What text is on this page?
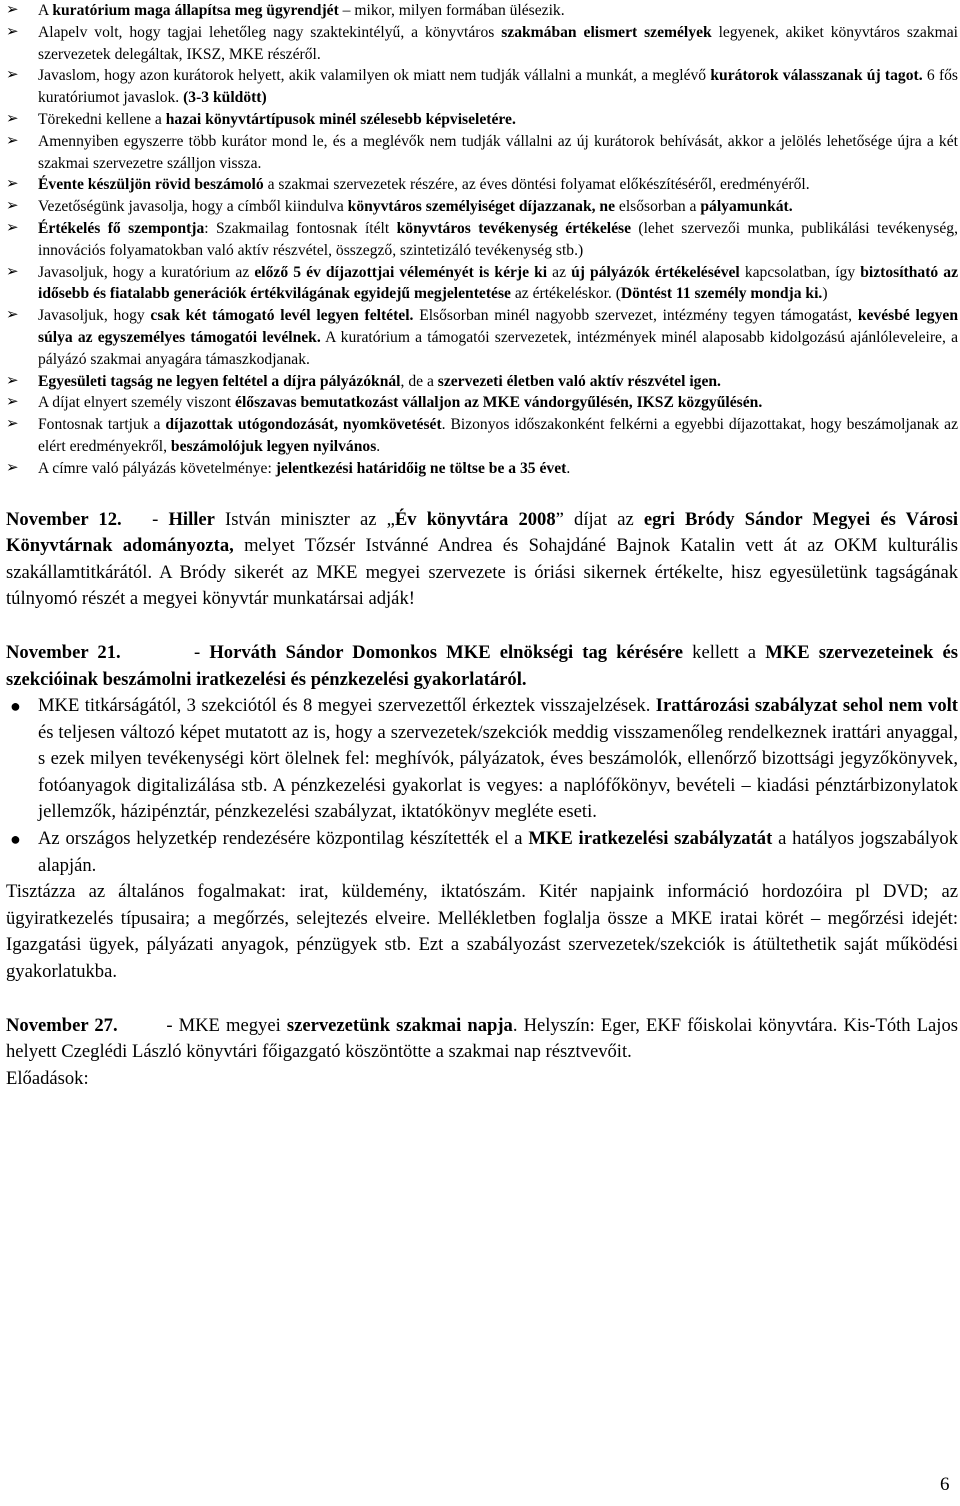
➢ A kuratórium maga állapítsa meg ügyrendjét – mikor, milyen formában ülésezik.
➢ Alapelv volt, hogy tagjai lehetőleg nagy szaktekintélyű, a könyvtáros szakmában elismert személyek legyenek, akiket könyvtáros szakmai szervezetek delegáltak, IKSZ, MKE részéről.
➢ Javaslom, hogy azon kurátorok helyett, akik valamilyen ok miatt nem tudják vállalni a munkát, a meglévő kurátorok válasszanak új tagot. 6 fős kuratóriumot javaslok. (3-3 küldött)
➢ Törekedni kellene a hazai könyvtártípusok minél szélesebb képviseletére.
➢ Amennyiben egyszerre több kurátor mond le, és a meglévők nem tudják vállalni az új kurátorok behívását, akkor a jelölés lehetősége újra a két szakmai szervezetre szálljon vissza.
➢ Évente készüljön rövid beszámoló a szakmai szervezetek részére, az éves döntési folyamat előkészítéséről, eredményéről.
➢ Vezetőségünk javasolja, hogy a címből kiindulva könyvtáros személyiséget díjazzanak, ne elsősorban a pályamunkát.
➢ Értékelés fő szempontja: Szakmailag fontosnak ítélt könyvtáros tevékenység értékelése (lehet szervezői munka, publikálási tevékenység, innovációs folyamatokban való aktív részvétel, összegző, szintetizáló tevékenység stb.)
➢ Javasoljuk, hogy a kuratórium az előző 5 év díjazottjai véleményét is kérje ki az új pályázók értékelésével kapcsolatban, így biztosítható az idősebb és fiatalabb generációk értékvilágának egyidejű megjelentetése az értékeléskor. (Döntést 11 személy mondja ki.)
➢ Javasoljuk, hogy csak két támogató levél legyen feltétel. Elsősorban minél nagyobb szervezet, intézmény tegyen támogatást, kevésbé legyen súlya az egyszemélyes támogatói levélnek. A kuratórium a támogatói szervezetek, intézmények minél alaposabb kidolgozású ajánlóleveleire, a pályázó szakmai anyagára támaszkodjanak.
➢ Egyesületi tagság ne legyen feltétel a díjra pályázóknál, de a szervezeti életben való aktív részvétel igen.
➢ A díjat elnyert személy viszont élőszavas bemutatkozást vállaljon az MKE vándorgyűlésén, IKSZ közgyűlésén.
➢ Fontosnak tartjuk a díjazottak utógondozását, nyomkövetését. Bizonyos időszakonként felkérni a egyebbi díjazottakat, hogy beszámoljanak az elért eredményekről, beszámolójuk legyen nyilvános.
➢ A címre való pályázás követelménye: jelentkezési határidőig ne töltse be a 35 évet.

November 12.   - Hiller István miniszter az „Év könyvtára 2008” díjat az egri Bródy Sándor Megyei és Városi Könyvtárnak adományozta, melyet Tőzsér Istvánné Andrea és Sohajdáné Bajnok Katalin vett át az OKM kulturális szakállamtitkárától. A Bródy sikerét az MKE megyei szervezete is óriási sikernek értékelte, hisz egyesületünk tagságának túlnyomó részét a megyei könyvtár munkatársai adják!

November 21.        - Horváth Sándor Domonkos MKE elnökségi tag kérésére kellett a MKE szervezeteinek és szekcióinak beszámolni iratkezelési és pénzkezelési gyakorlatáról.

● MKE titkárságától, 3 szekciótól és 8 megyei szervezettől érkeztek visszajelzések. Irattározási szabályzat sehol nem volt és teljesen változó képet mutatott az is, hogy a szervezetek/szekciók meddig visszamenőleg rendelkeznek irattári anyaggal, s ezek milyen tevékenységi kört ölelnek fel: meghívók, pályázatok, éves beszámolók, ellenőrző bizottsági jegyzőkönyvek, fotóanyagok digitalizálása stb. A pénzkezelési gyakorlat is vegyes: a naplófőkönyv, bevételi – kiadási pénztárbizonylatok jellemzők, házipénztár, pénzkezelési szabályzat, iktatókönyv megléte eseti.
● Az országos helyzetkép rendezésére központilag készítették el a MKE iratkezelési szabályzatát a hatályos jogszabályok alapján.

Tisztázza az általános fogalmakat: irat, küldemény, iktatószám. Kitér napjaink információ hordozóira pl DVD; az ügyiratkezelés típusaira; a megőrzés, selejtezés elveire. Mellékletben foglalja össze a MKE iratai körét – megőrzési idejét: Igazgatási ügyek, pályázati anyagok, pénzügyek stb. Ezt a szabályozást szervezetek/szekciók is átültethetik saját működési gyakorlatukba.

November 27.        - MKE megyei szervezetünk szakmai napja. Helyszín: Eger, EKF főiskolai könyvtára. Kis-Tóth Lajos helyett Czeglédi László könyvtári főigazgató köszöntötte a szakmai nap résztvevőit.

Előadások:

6
